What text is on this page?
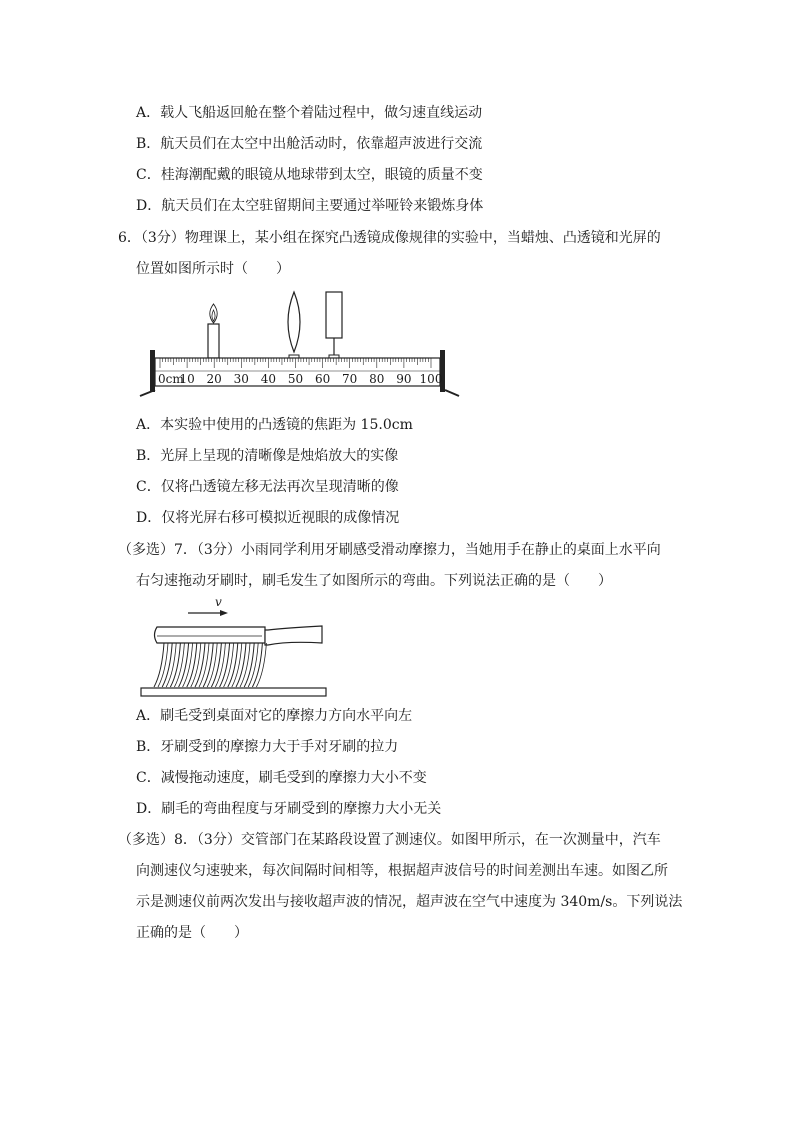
A．载人飞船返回舱在整个着陆过程中，做匀速直线运动
B．航天员们在太空中出舱活动时，依靠超声波进行交流
C．桂海潮配戴的眼镜从地球带到太空，眼镜的质量不变
D．航天员们在太空驻留期间主要通过举哑铃来锻炼身体
6．（3分）物理课上，某小组在探究凸透镜成像规律的实验中，当蜡烛、凸透镜和光屏的
位置如图所示时（　　）
0cm
10 20 30 40 50 60 70 80 90 100
A．本实验中使用的凸透镜的焦距为 15.0cm
B．光屏上呈现的清晰像是烛焰放大的实像
C．仅将凸透镜左移无法再次呈现清晰的像
D．仅将光屏右移可模拟近视眼的成像情况
（多选）7．（3分）小雨同学利用牙刷感受滑动摩擦力，当她用手在静止的桌面上水平向
右匀速拖动牙刷时，刷毛发生了如图所示的弯曲。下列说法正确的是（　　）
v
A．刷毛受到桌面对它的摩擦力方向水平向左
B．牙刷受到的摩擦力大于手对牙刷的拉力
C．减慢拖动速度，刷毛受到的摩擦力大小不变
D．刷毛的弯曲程度与牙刷受到的摩擦力大小无关
（多选）8．（3分）交管部门在某路段设置了测速仪。如图甲所示，在一次测量中，汽车
向测速仪匀速驶来，每次间隔时间相等，根据超声波信号的时间差测出车速。如图乙所
示是测速仪前两次发出与接收超声波的情况，超声波在空气中速度为 340m/s。下列说法
正确的是（　　）
